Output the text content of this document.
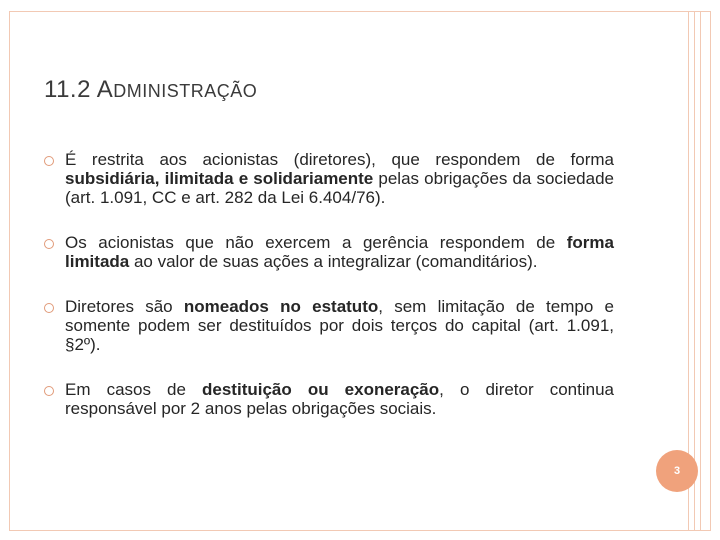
11.2 ADMINISTRAÇÃO
É restrita aos acionistas (diretores), que respondem de forma subsidiária, ilimitada e solidariamente pelas obrigações da sociedade (art. 1.091, CC e art. 282 da Lei 6.404/76).
Os acionistas que não exercem a gerência respondem de forma limitada ao valor de suas ações a integralizar (comanditários).
Diretores são nomeados no estatuto, sem limitação de tempo e somente podem ser destituídos por dois terços do capital (art. 1.091, §2º).
Em casos de destituição ou exoneração, o diretor continua responsável por 2 anos pelas obrigações sociais.
3
